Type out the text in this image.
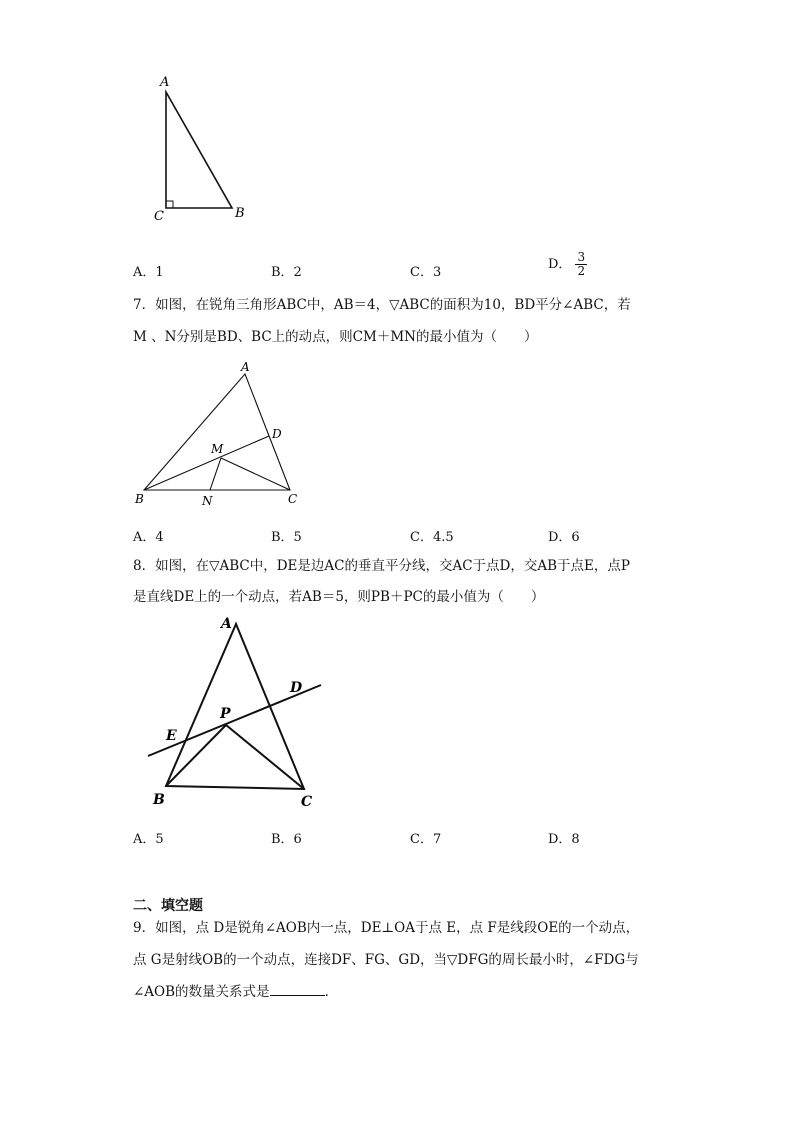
A
C	B
A．1	B．2	C．3
D． $\frac{3}{2}$
7．如图，在锐角三角形ABC中，AB＝4，▽ABC的面积为10，BD平分∠ABC，若
M 、N分别是BD、BC上的动点，则CM＋MN的最小值为（　　）
A
D
M
B	N	C
A．4	B．5	C．4.5	D．6
8．如图，在▽ABC中，DE是边AC的垂直平分线，交AC于点D，交AB于点E，点P
是直线DE上的一个动点，若AB＝5，则PB＋PC的最小值为（　　）
A
D
P
E
B	C
A．5	B．6	C．7	D．8
二、填空题
9．如图，点 D是锐角∠AOB内一点，DE⊥OA于点 E，点 F是线段OE的一个动点，
点 G是射线OB的一个动点，连接DF、FG、GD，当▽DFG的周长最小时，∠FDG与
∠AOB的数量关系式是	．
